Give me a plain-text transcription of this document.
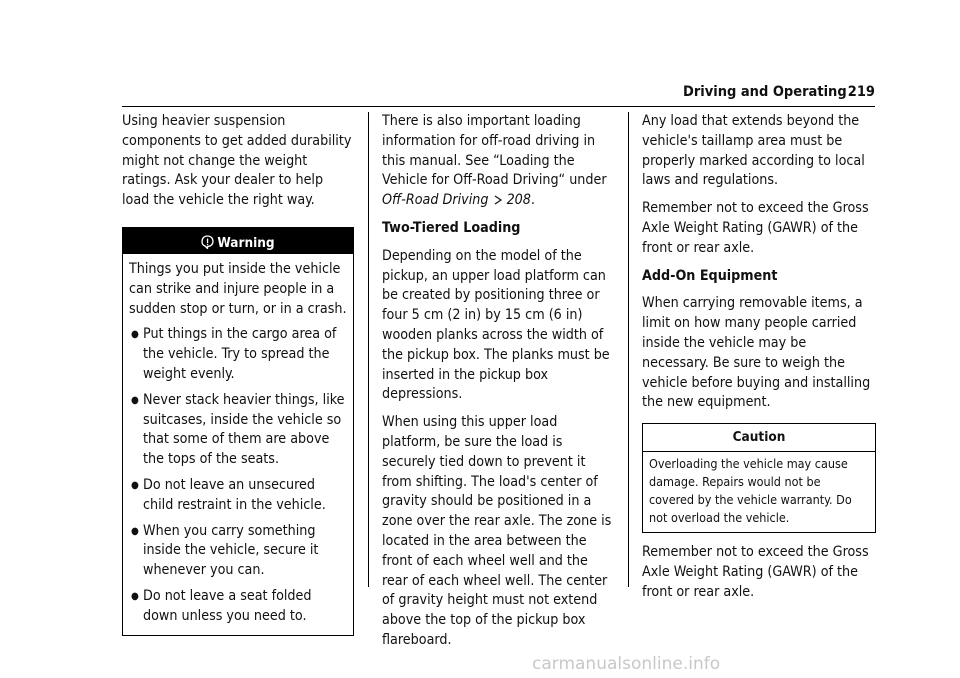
Driving and Operating 219

Using heavier suspension components to get added durability might not change the weight ratings. Ask your dealer to help load the vehicle the right way.

Warning

Things you put inside the vehicle can strike and injure people in a sudden stop or turn, or in a crash.

● Put things in the cargo area of the vehicle. Try to spread the weight evenly.
● Never stack heavier things, like suitcases, inside the vehicle so that some of them are above the tops of the seats.
● Do not leave an unsecured child restraint in the vehicle.
● When you carry something inside the vehicle, secure it whenever you can.
● Do not leave a seat folded down unless you need to.

There is also important loading information for off-road driving in this manual. See “Loading the Vehicle for Off-Road Driving“ under Off-Road Driving 208.

Two-Tiered Loading

Depending on the model of the pickup, an upper load platform can be created by positioning three or four 5 cm (2 in) by 15 cm (6 in) wooden planks across the width of the pickup box. The planks must be inserted in the pickup box depressions.

When using this upper load platform, be sure the load is securely tied down to prevent it from shifting. The load's center of gravity should be positioned in a zone over the rear axle. The zone is located in the area between the front of each wheel well and the rear of each wheel well. The center of gravity height must not extend above the top of the pickup box flareboard.

Any load that extends beyond the vehicle's taillamp area must be properly marked according to local laws and regulations.

Remember not to exceed the Gross Axle Weight Rating (GAWR) of the front or rear axle.

Add-On Equipment

When carrying removable items, a limit on how many people carried inside the vehicle may be necessary. Be sure to weigh the vehicle before buying and installing the new equipment.

Caution
Overloading the vehicle may cause damage. Repairs would not be covered by the vehicle warranty. Do not overload the vehicle.

Remember not to exceed the Gross Axle Weight Rating (GAWR) of the front or rear axle.

carmanualsonline.info
